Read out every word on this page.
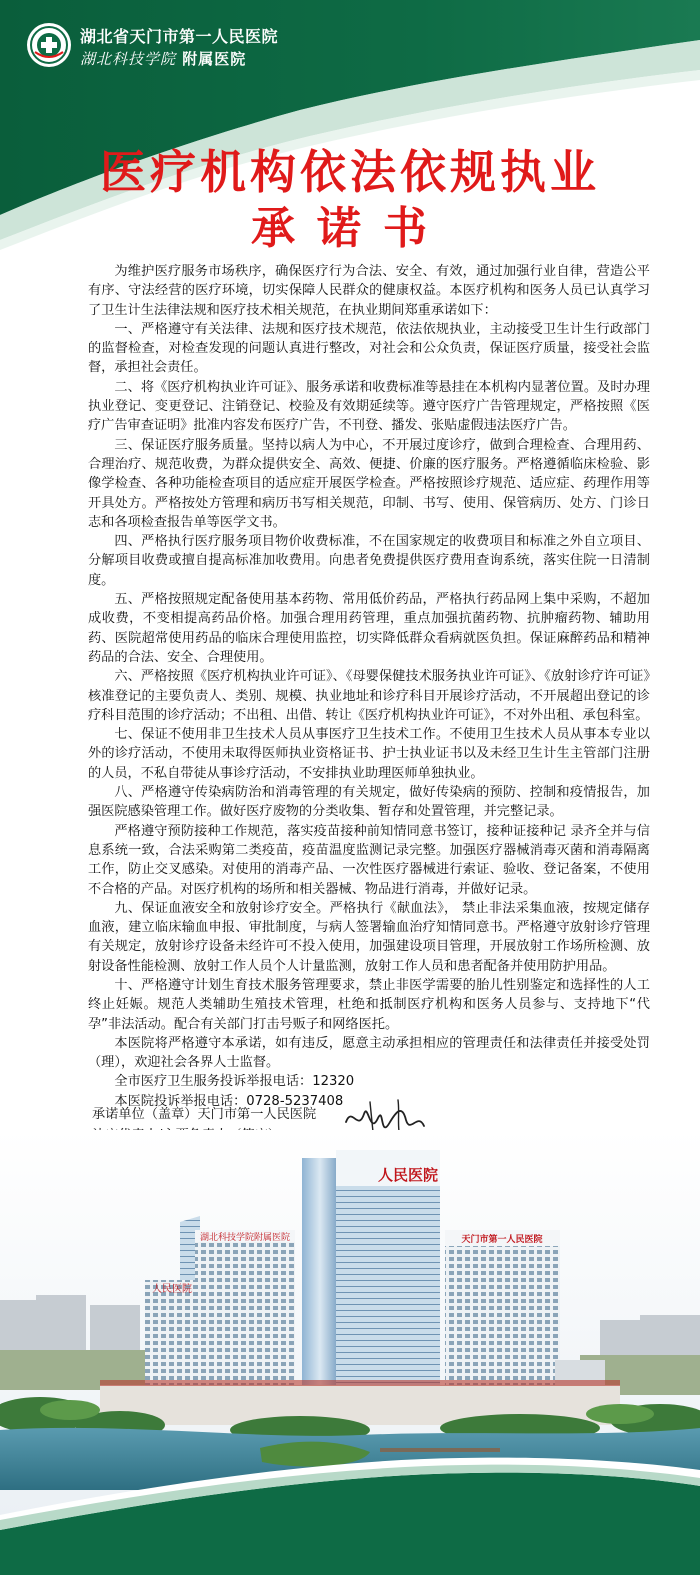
湖北省天门市第一人民医院
湖北科技学院 附属医院
医疗机构依法依规执业
承诺书

为维护医疗服务市场秩序，确保医疗行为合法、安全、有效，通过加强行业自律，营造公平有序、守法经营的医疗环境，切实保障人民群众的健康权益。本医疗机构和医务人员已认真学习了卫生计生法律法规和医疗技术相关规范，在执业期间郑重承诺如下：

一、严格遵守有关法律、法规和医疗技术规范，依法依规执业，主动接受卫生计生行政部门的监督检查，对检查发现的问题认真进行整改，对社会和公众负责，保证医疗质量，接受社会监督，承担社会责任。

二、将《医疗机构执业许可证》、服务承诺和收费标准等悬挂在本机构内显著位置。及时办理执业登记、变更登记、注销登记、校验及有效期延续等。遵守医疗广告管理规定，严格按照《医疗广告审查证明》批准内容发布医疗广告，不刊登、播发、张贴虚假违法医疗广告。

三、保证医疗服务质量。坚持以病人为中心，不开展过度诊疗，做到合理检查、合理用药、合理治疗、规范收费，为群众提供安全、高效、便捷、价廉的医疗服务。严格遵循临床检验、影像学检查、各种功能检查项目的适应症开展医学检查。严格按照诊疗规范、适应症、药理作用等开具处方。严格按处方管理和病历书写相关规范，印制、书写、使用、保管病历、处方、门诊日志和各项检查报告单等医学文书。

四、严格执行医疗服务项目物价收费标准，不在国家规定的收费项目和标准之外自立项目、分解项目收费或擅自提高标准加收费用。向患者免费提供医疗费用查询系统，落实住院一日清制度。

五、严格按照规定配备使用基本药物、常用低价药品，严格执行药品网上集中采购，不超加成收费，不变相提高药品价格。加强合理用药管理，重点加强抗菌药物、抗肿瘤药物、辅助用药、医院超常使用药品的临床合理使用监控，切实降低群众看病就医负担。保证麻醉药品和精神药品的合法、安全、合理使用。

六、严格按照《医疗机构执业许可证》、《母婴保健技术服务执业许可证》、《放射诊疗许可证》核准登记的主要负责人、类别、规模、执业地址和诊疗科目开展诊疗活动，不开展超出登记的诊疗科目范围的诊疗活动；不出租、出借、转让《医疗机构执业许可证》，不对外出租、承包科室。

七、保证不使用非卫生技术人员从事医疗卫生技术工作。不使用卫生技术人员从事本专业以外的诊疗活动，不使用未取得医师执业资格证书、护士执业证书以及未经卫生计生主管部门注册的人员，不私自带徒从事诊疗活动，不安排执业助理医师单独执业。

八、严格遵守传染病防治和消毒管理的有关规定，做好传染病的预防、控制和疫情报告，加强医院感染管理工作。做好医疗废物的分类收集、暂存和处置管理，并完整记录。

严格遵守预防接种工作规范，落实疫苗接种前知情同意书签订，接种证接种记 录齐全并与信息系统一致，合法采购第二类疫苗，疫苗温度监测记录完整。加强医疗器械消毒灭菌和消毒隔离工作，防止交叉感染。对使用的消毒产品、一次性医疗器械进行索证、验收、登记备案，不使用不合格的产品。对医疗机构的场所和相关器械、物品进行消毒，并做好记录。

九、保证血液安全和放射诊疗安全。严格执行《献血法》， 禁止非法采集血液，按规定储存血液，建立临床输血申报、审批制度，与病人签署输血治疗知情同意书。严格遵守放射诊疗管理有关规定，放射诊疗设备未经许可不投入使用，加强建设项目管理，开展放射工作场所检测、放射设备性能检测、放射工作人员个人计量监测，放射工作人员和患者配备并使用防护用品。

十、严格遵守计划生育技术服务管理要求，禁止非医学需要的胎儿性别鉴定和选择性的人工终止妊娠。规范人类辅助生殖技术管理，杜绝和抵制医疗机构和医务人员参与、支持地下“代孕”非法活动。配合有关部门打击号贩子和网络医托。

本医院将严格遵守本承诺，如有违反，愿意主动承担相应的管理责任和法律责任并接受处罚（理），欢迎社会各界人士监督。

全市医疗卫生服务投诉举报电话：12320

本医院投诉举报电话：0728-5237408

承诺单位（盖章）天门市第一人民医院
湖北科技学院附属医院
人民医院
人民医院
天门市第一人民医院
